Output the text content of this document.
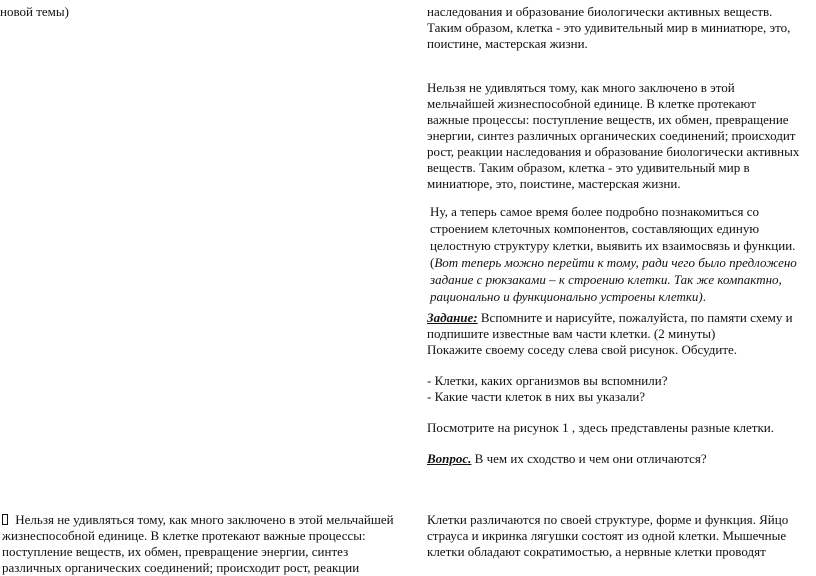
новой темы)	наследования и образование биологически активных веществ.
Таким образом, клетка - это удивительный мир в миниатюре, это,
поистине, мастерская жизни.
Нельзя не удивляться тому, как много заключено в этой
мельчайшей жизнеспособной единице. В клетке протекают
важные процессы: поступление веществ, их обмен, превращение
энергии, синтез различных органических соединений; происходит
рост, реакции наследования и образование биологически активных
веществ. Таким образом, клетка - это удивительный мир в
миниатюре, это, поистине, мастерская жизни.
Ну, а теперь самое время более подробно познакомиться со
строением клеточных компонентов, составляющих единую
целостную структуру клетки, выявить их взаимосвязь и функции.
(Вот теперь можно перейти к тому, ради чего было предложено
задание с рюкзаками – к строению клетки. Так же компактно,
рационально и функционально устроены клетки).
Задание: Вспомните и нарисуйте, пожалуйста, по памяти схему и
подпишите известные вам части клетки. (2 минуты)
Покажите своему соседу слева свой рисунок. Обсудите.
- Клетки, каких организмов вы вспомнили?
- Какие части клеток в них вы указали?
Посмотрите на рисунок 1 , здесь представлены разные клетки.
Вопрос. В чем их сходство и чем они отличаются?
Нельзя не удивляться тому, как много заключено в этой мельчайшей
жизнеспособной единице. В клетке протекают важные процессы:
поступление веществ, их обмен, превращение энергии, синтез
различных органических соединений; происходит рост, реакции
Клетки различаются по своей структуре, форме и функция. Яйцо
страуса и икринка лягушки состоят из одной клетки. Мышечные
клетки обладают сократимостью, а нервные клетки проводят
